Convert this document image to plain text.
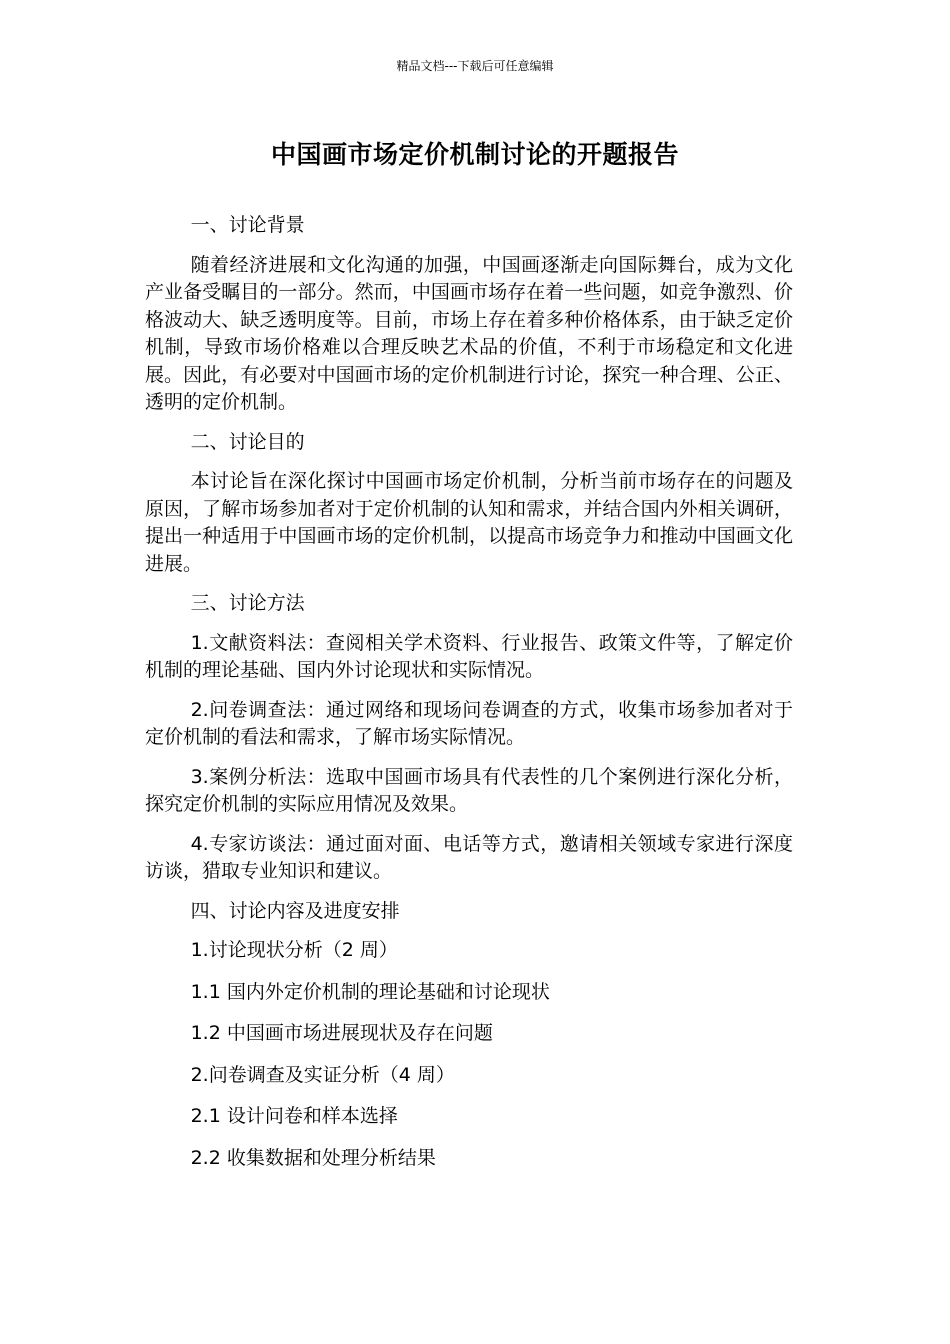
精品文档---下载后可任意编辑
中国画市场定价机制讨论的开题报告

一、讨论背景

随着经济进展和文化沟通的加强，中国画逐渐走向国际舞台，成为文化产业备受瞩目的一部分。然而，中国画市场存在着一些问题，如竞争激烈、价格波动大、缺乏透明度等。目前，市场上存在着多种价格体系，由于缺乏定价机制，导致市场价格难以合理反映艺术品的价值，不利于市场稳定和文化进展。因此，有必要对中国画市场的定价机制进行讨论，探究一种合理、公正、透明的定价机制。

二、讨论目的

本讨论旨在深化探讨中国画市场定价机制，分析当前市场存在的问题及原因，了解市场参加者对于定价机制的认知和需求，并结合国内外相关调研，提出一种适用于中国画市场的定价机制，以提高市场竞争力和推动中国画文化进展。

三、讨论方法

1.文献资料法：查阅相关学术资料、行业报告、政策文件等，了解定价机制的理论基础、国内外讨论现状和实际情况。

2.问卷调查法：通过网络和现场问卷调查的方式，收集市场参加者对于定价机制的看法和需求，了解市场实际情况。

3.案例分析法：选取中国画市场具有代表性的几个案例进行深化分析，探究定价机制的实际应用情况及效果。

4.专家访谈法：通过面对面、电话等方式，邀请相关领域专家进行深度访谈，猎取专业知识和建议。

四、讨论内容及进度安排

1.讨论现状分析（2 周）

1.1 国内外定价机制的理论基础和讨论现状

1.2 中国画市场进展现状及存在问题

2.问卷调查及实证分析（4 周）

2.1 设计问卷和样本选择

2.2 收集数据和处理分析结果
